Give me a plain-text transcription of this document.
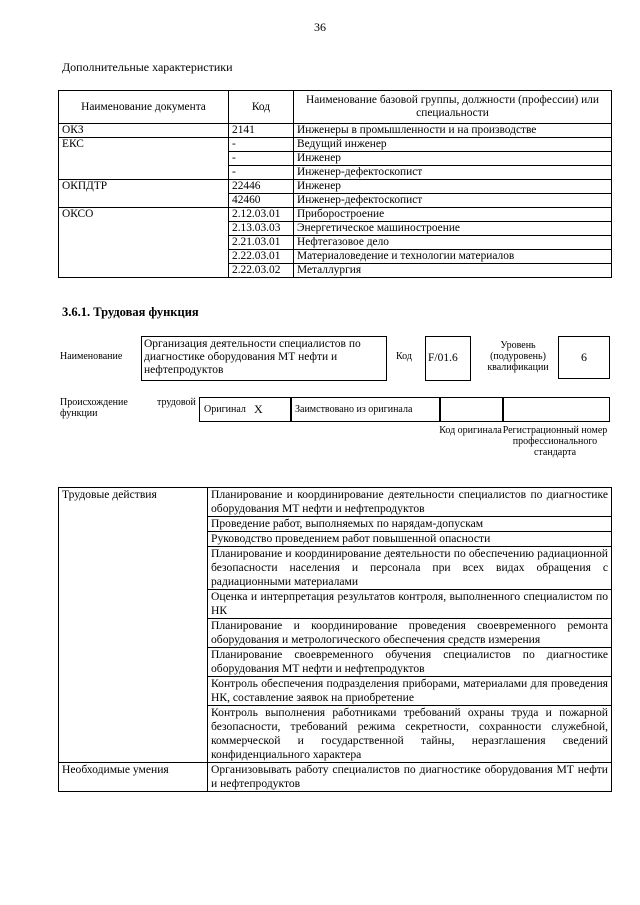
36
Дополнительные характеристики
Наименование документа	Код	Наименование базовой группы, должности (профессии) или специальности
ОКЗ	2141	Инженеры в промышленности и на производстве
ЕКС	-	Ведущий инженер
	-	Инженер
	-	Инженер-дефектоскопист
ОКПДТР	22446	Инженер
	42460	Инженер-дефектоскопист
ОКСО	2.12.03.01	Приборостроение
	2.13.03.03	Энергетическое машиностроение
	2.21.03.01	Нефтегазовое дело
	2.22.03.01	Материаловедение и технологии материалов
	2.22.03.02	Металлургия
3.6.1. Трудовая функция
Наименование
Организация деятельности специалистов по диагностике оборудования МТ нефти и нефтепродуктов
Код F/01.6
Уровень (подуровень) квалификации
6
Происхождение	трудовой
функции	Оригинал X	Заимствовано из оригинала
Код оригинала Регистрационный номер профессионального стандарта
Трудовые действия	Планирование и координирование деятельности специалистов по диагностике оборудования МТ нефти и нефтепродуктов
	Проведение работ, выполняемых по нарядам-допускам
	Руководство проведением работ повышенной опасности
	Планирование и координирование деятельности по обеспечению радиационной безопасности населения и персонала при всех видах обращения с радиационными материалами
	Оценка и интерпретация результатов контроля, выполненного специалистом по НК
	Планирование и координирование проведения своевременного ремонта оборудования и метрологического обеспечения средств измерения
	Планирование своевременного обучения специалистов по диагностике оборудования МТ нефти и нефтепродуктов
	Контроль обеспечения подразделения приборами, материалами для проведения НК, составление заявок на приобретение
	Контроль выполнения работниками требований охраны труда и пожарной безопасности, требований режима секретности, сохранности служебной, коммерческой и государственной тайны, неразглашения сведений конфиденциального характера
Необходимые умения	Организовывать работу специалистов по диагностике оборудования МТ нефти и нефтепродуктов
